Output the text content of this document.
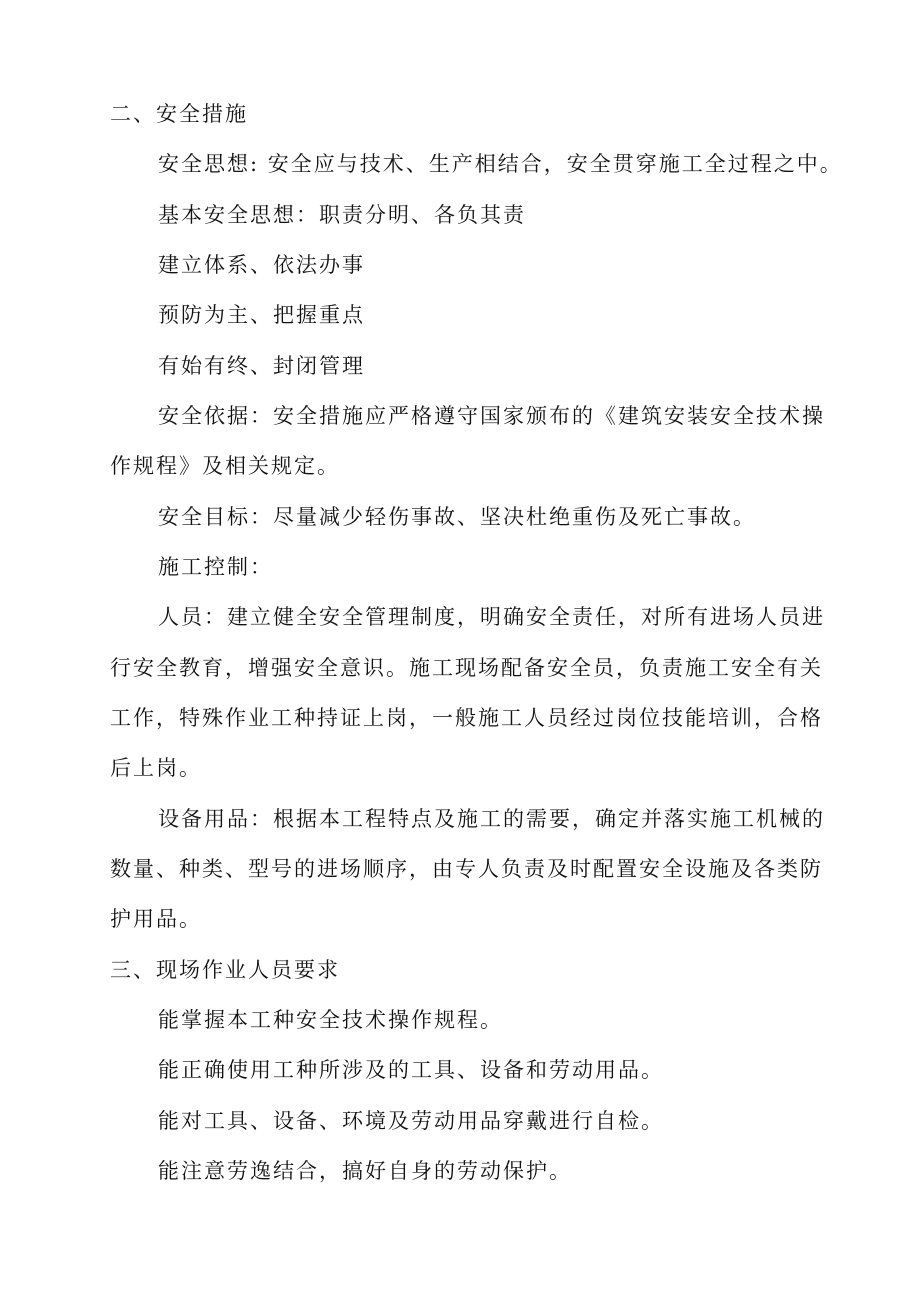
二、安全措施
安全思想: 安全应与技术、生产相结合，安全贯穿施工全过程之中。
基本安全思想：职责分明、各负其责
建立体系、依法办事
预防为主、把握重点
有始有终、封闭管理
安全依据：安全措施应严格遵守国家颁布的《建筑安装安全技术操
作规程》及相关规定。
安全目标：尽量减少轻伤事故、坚决杜绝重伤及死亡事故。
施工控制：
人员：建立健全安全管理制度，明确安全责任，对所有进场人员进
行安全教育，增强安全意识。施工现场配备安全员，负责施工安全有关
工作，特殊作业工种持证上岗，一般施工人员经过岗位技能培训，合格
后上岗。
设备用品：根据本工程特点及施工的需要，确定并落实施工机械的
数量、种类、型号的进场顺序，由专人负责及时配置安全设施及各类防
护用品。
三、现场作业人员要求
能掌握本工种安全技术操作规程。
能正确使用工种所涉及的工具、设备和劳动用品。
能对工具、设备、环境及劳动用品穿戴进行自检。
能注意劳逸结合，搞好自身的劳动保护。
